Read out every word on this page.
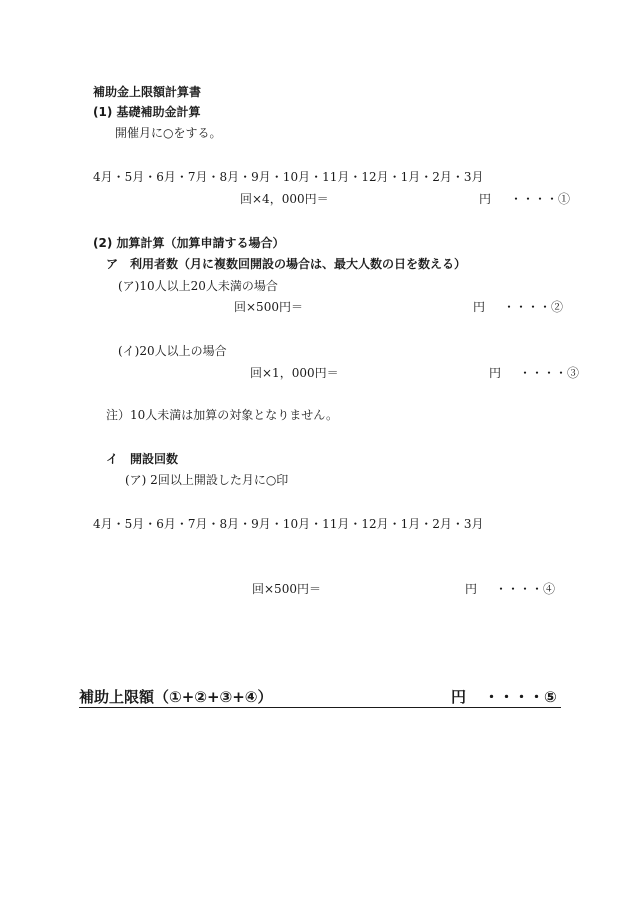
補助金上限額計算書
(1) 基礎補助金計算
開催月に○をする。
4月・5月・6月・7月・8月・9月・10月・11月・12月・1月・2月・3月
回×4，000円＝	円 ・・・・①
(2) 加算計算（加算申請する場合）
ア　利用者数（月に複数回開設の場合は、最大人数の日を数える）
(ア)10人以上20人未満の場合
回×500円＝	円 ・・・・②
(イ)20人以上の場合
回×1，000円＝	円 ・・・・③
注）10人未満は加算の対象となりません。
イ　開設回数
(ア) 2回以上開設した月に○印
4月・5月・6月・7月・8月・9月・10月・11月・12月・1月・2月・3月
回×500円＝	円 ・・・・④
補助上限額（①+②+③+④）	円 ・・・・⑤
